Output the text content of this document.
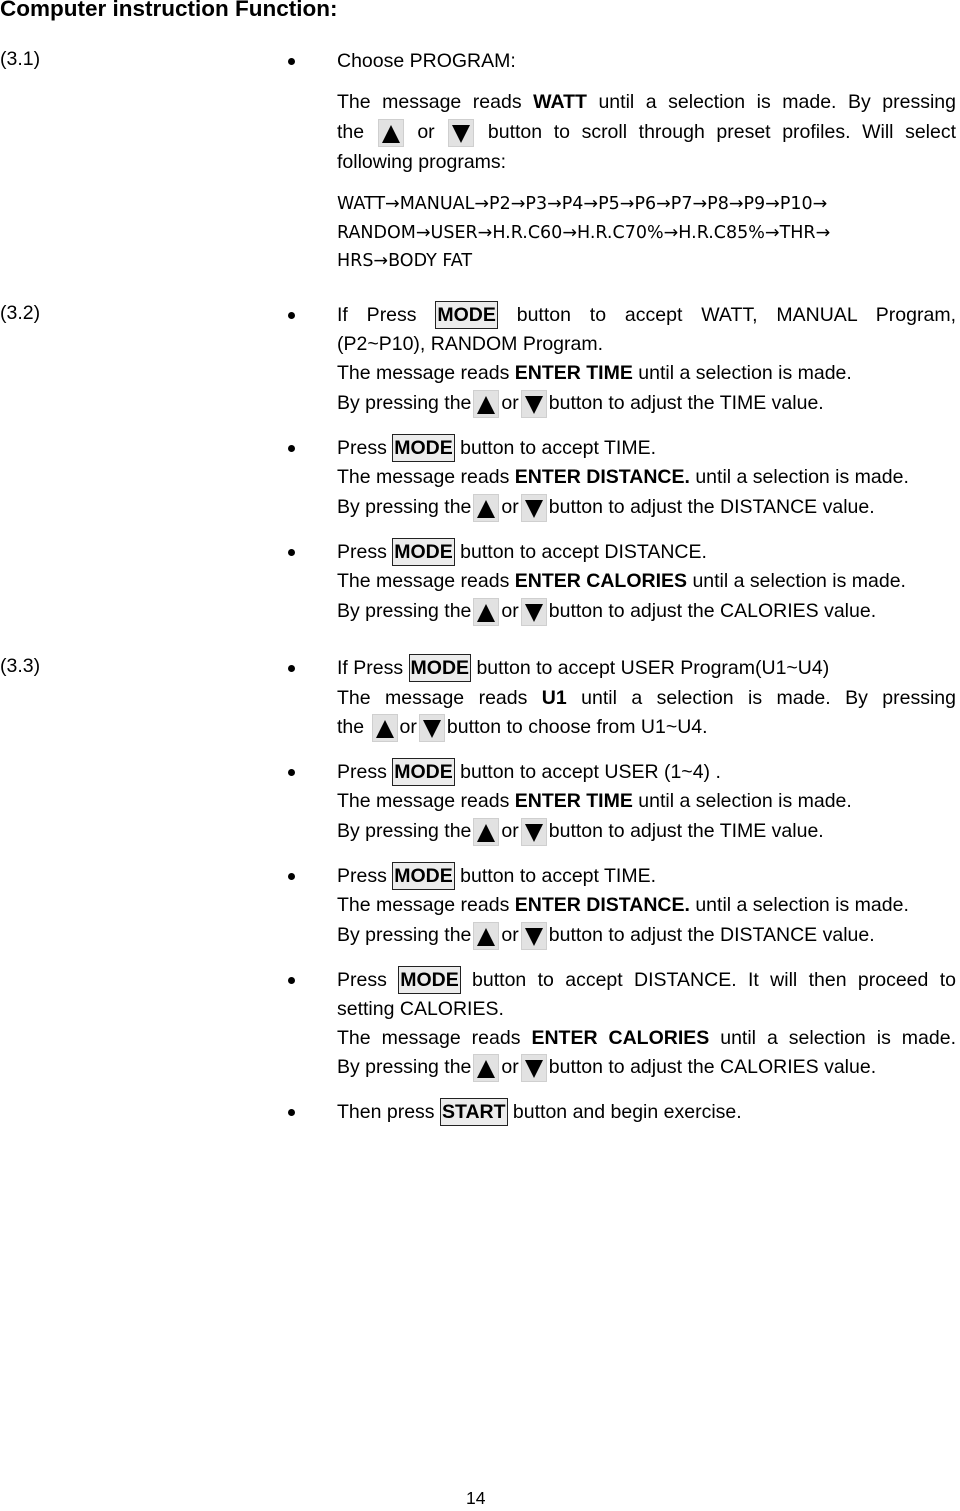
Computer instruction Function:
(3.1)	Choose PROGRAM:
The message reads WATT until a selection is made. By pressing
the	or	button to scroll through preset profiles. Will select
following programs:
WATT→MANUAL→P2→P3→P4→P5→P6→P7→P8→P9→P10→
RANDOM→USER→H.R.C60→H.R.C70%→H.R.C85%→THR→
HRS→BODY FAT
(3.2)	If Press MODE button to accept WATT, MANUAL Program,
(P2~P10), RANDOM Program.
The message reads ENTER TIME until a selection is made.
By pressing the or button to adjust the TIME value.
Press MODE button to accept TIME.
The message reads ENTER DISTANCE. until a selection is made.
By pressing the or button to adjust the DISTANCE value.
Press MODE button to accept DISTANCE.
The message reads ENTER CALORIES until a selection is made.
By pressing the or button to adjust the CALORIES value.
(3.3)	If Press MODE button to accept USER Program(U1~U4)
The message reads U1 until a selection is made. By pressing
the or button to choose from U1~U4.
Press MODE button to accept USER (1~4) .
The message reads ENTER TIME until a selection is made.
By pressing the or button to adjust the TIME value.
Press MODE button to accept TIME.
The message reads ENTER DISTANCE. until a selection is made.
By pressing the or button to adjust the DISTANCE value.
Press MODE button to accept DISTANCE. It will then proceed to
setting CALORIES.
The message reads ENTER CALORIES until a selection is made.
By pressing the or button to adjust the CALORIES value.
Then press START button and begin exercise.
14
